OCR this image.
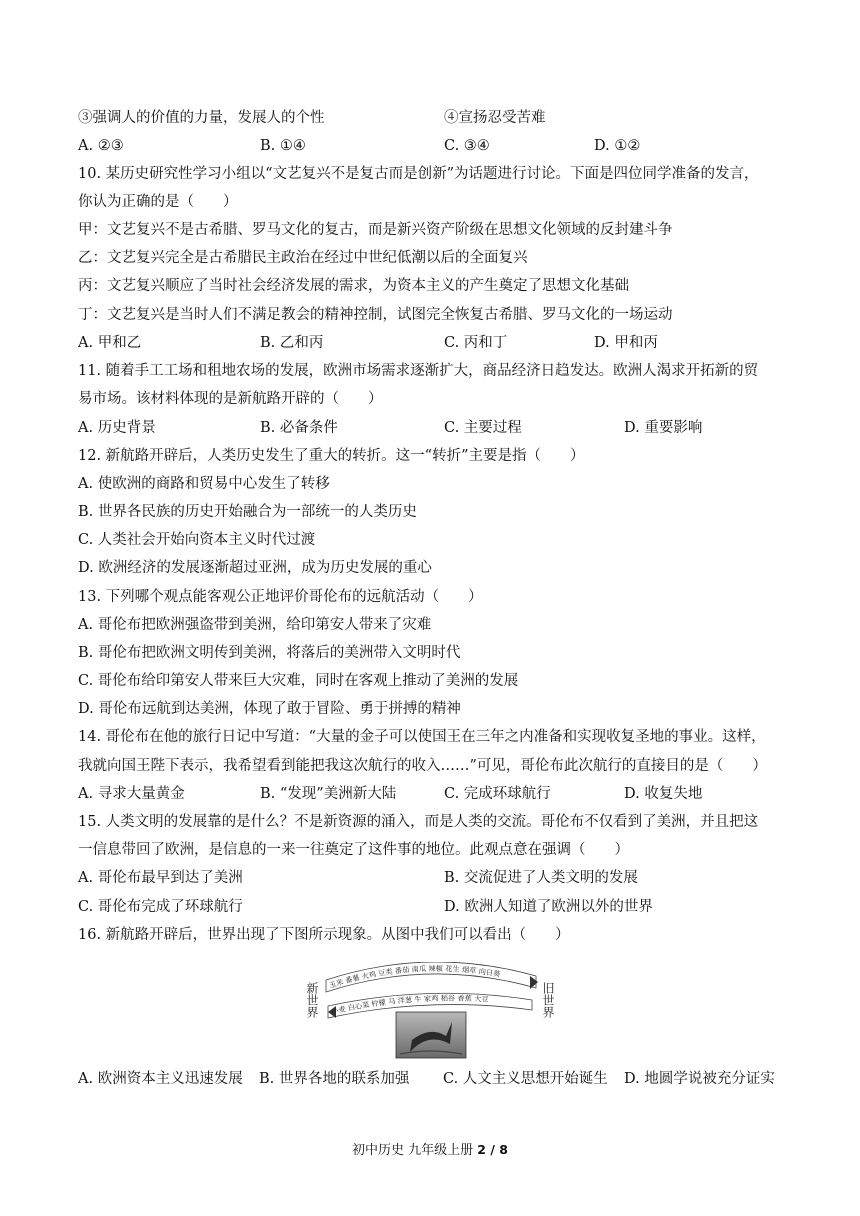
③强调人的价值的力量，发展人的个性	④宣扬忍受苦难
A. ②③	B. ①④	C. ③④	D. ①②
10. 某历史研究性学习小组以“文艺复兴不是复古而是创新”为话题进行讨论。下面是四位同学准备的发言，
你认为正确的是（　　）
甲：文艺复兴不是古希腊、罗马文化的复古，而是新兴资产阶级在思想文化领域的反封建斗争
乙：文艺复兴完全是古希腊民主政治在经过中世纪低潮以后的全面复兴
丙：文艺复兴顺应了当时社会经济发展的需求，为资本主义的产生奠定了思想文化基础
丁：文艺复兴是当时人们不满足教会的精神控制，试图完全恢复古希腊、罗马文化的一场运动
A. 甲和乙	B. 乙和丙	C. 丙和丁	D. 甲和丙
11. 随着手工工场和租地农场的发展，欧洲市场需求逐渐扩大，商品经济日趋发达。欧洲人渴求开拓新的贸
易市场。该材料体现的是新航路开辟的（　　）
A. 历史背景	B. 必备条件	C. 主要过程	D. 重要影响
12. 新航路开辟后，人类历史发生了重大的转折。这一“转折”主要是指（　　）
A. 使欧洲的商路和贸易中心发生了转移
B. 世界各民族的历史开始融合为一部统一的人类历史
C. 人类社会开始向资本主义时代过渡
D. 欧洲经济的发展逐渐超过亚洲，成为历史发展的重心
13. 下列哪个观点能客观公正地评价哥伦布的远航活动（　　）
A. 哥伦布把欧洲强盗带到美洲，给印第安人带来了灾难
B. 哥伦布把欧洲文明传到美洲，将落后的美洲带入文明时代
C. 哥伦布给印第安人带来巨大灾难，同时在客观上推动了美洲的发展
D. 哥伦布远航到达美洲，体现了敢于冒险、勇于拼搏的精神
14. 哥伦布在他的旅行日记中写道：“大量的金子可以使国王在三年之内准备和实现收复圣地的事业。这样，
我就向国王陛下表示，我希望看到能把我这次航行的收入……”可见，哥伦布此次航行的直接目的是（　　）
A. 寻求大量黄金	B. “发现”美洲新大陆	C. 完成环球航行	D. 收复失地
15. 人类文明的发展靠的是什么？不是新资源的涌入，而是人类的交流。哥伦布不仅看到了美洲，并且把这
一信息带回了欧洲，是信息的一来一往奠定了这件事的地位。此观点意在强调（　　）
A. 哥伦布最早到达了美洲	B. 交流促进了人类文明的发展
C. 哥伦布完成了环球航行	D. 欧洲人知道了欧洲以外的世界
16. 新航路开辟后，世界出现了下图所示现象。从图中我们可以看出（　　）
玉米 番薯 火鸡 豆类 番茄 南瓜 辣椒 花生 烟草 向日葵
小麦 白心菜 柠檬 马 洋葱 牛 家鸡 稻谷 香蕉 大豆
新世界	旧世界
A. 欧洲资本主义迅速发展 B. 世界各地的联系加强 C. 人文主义思想开始诞生 D. 地圆学说被充分证实
初中历史 九年级上册 2 / 8
